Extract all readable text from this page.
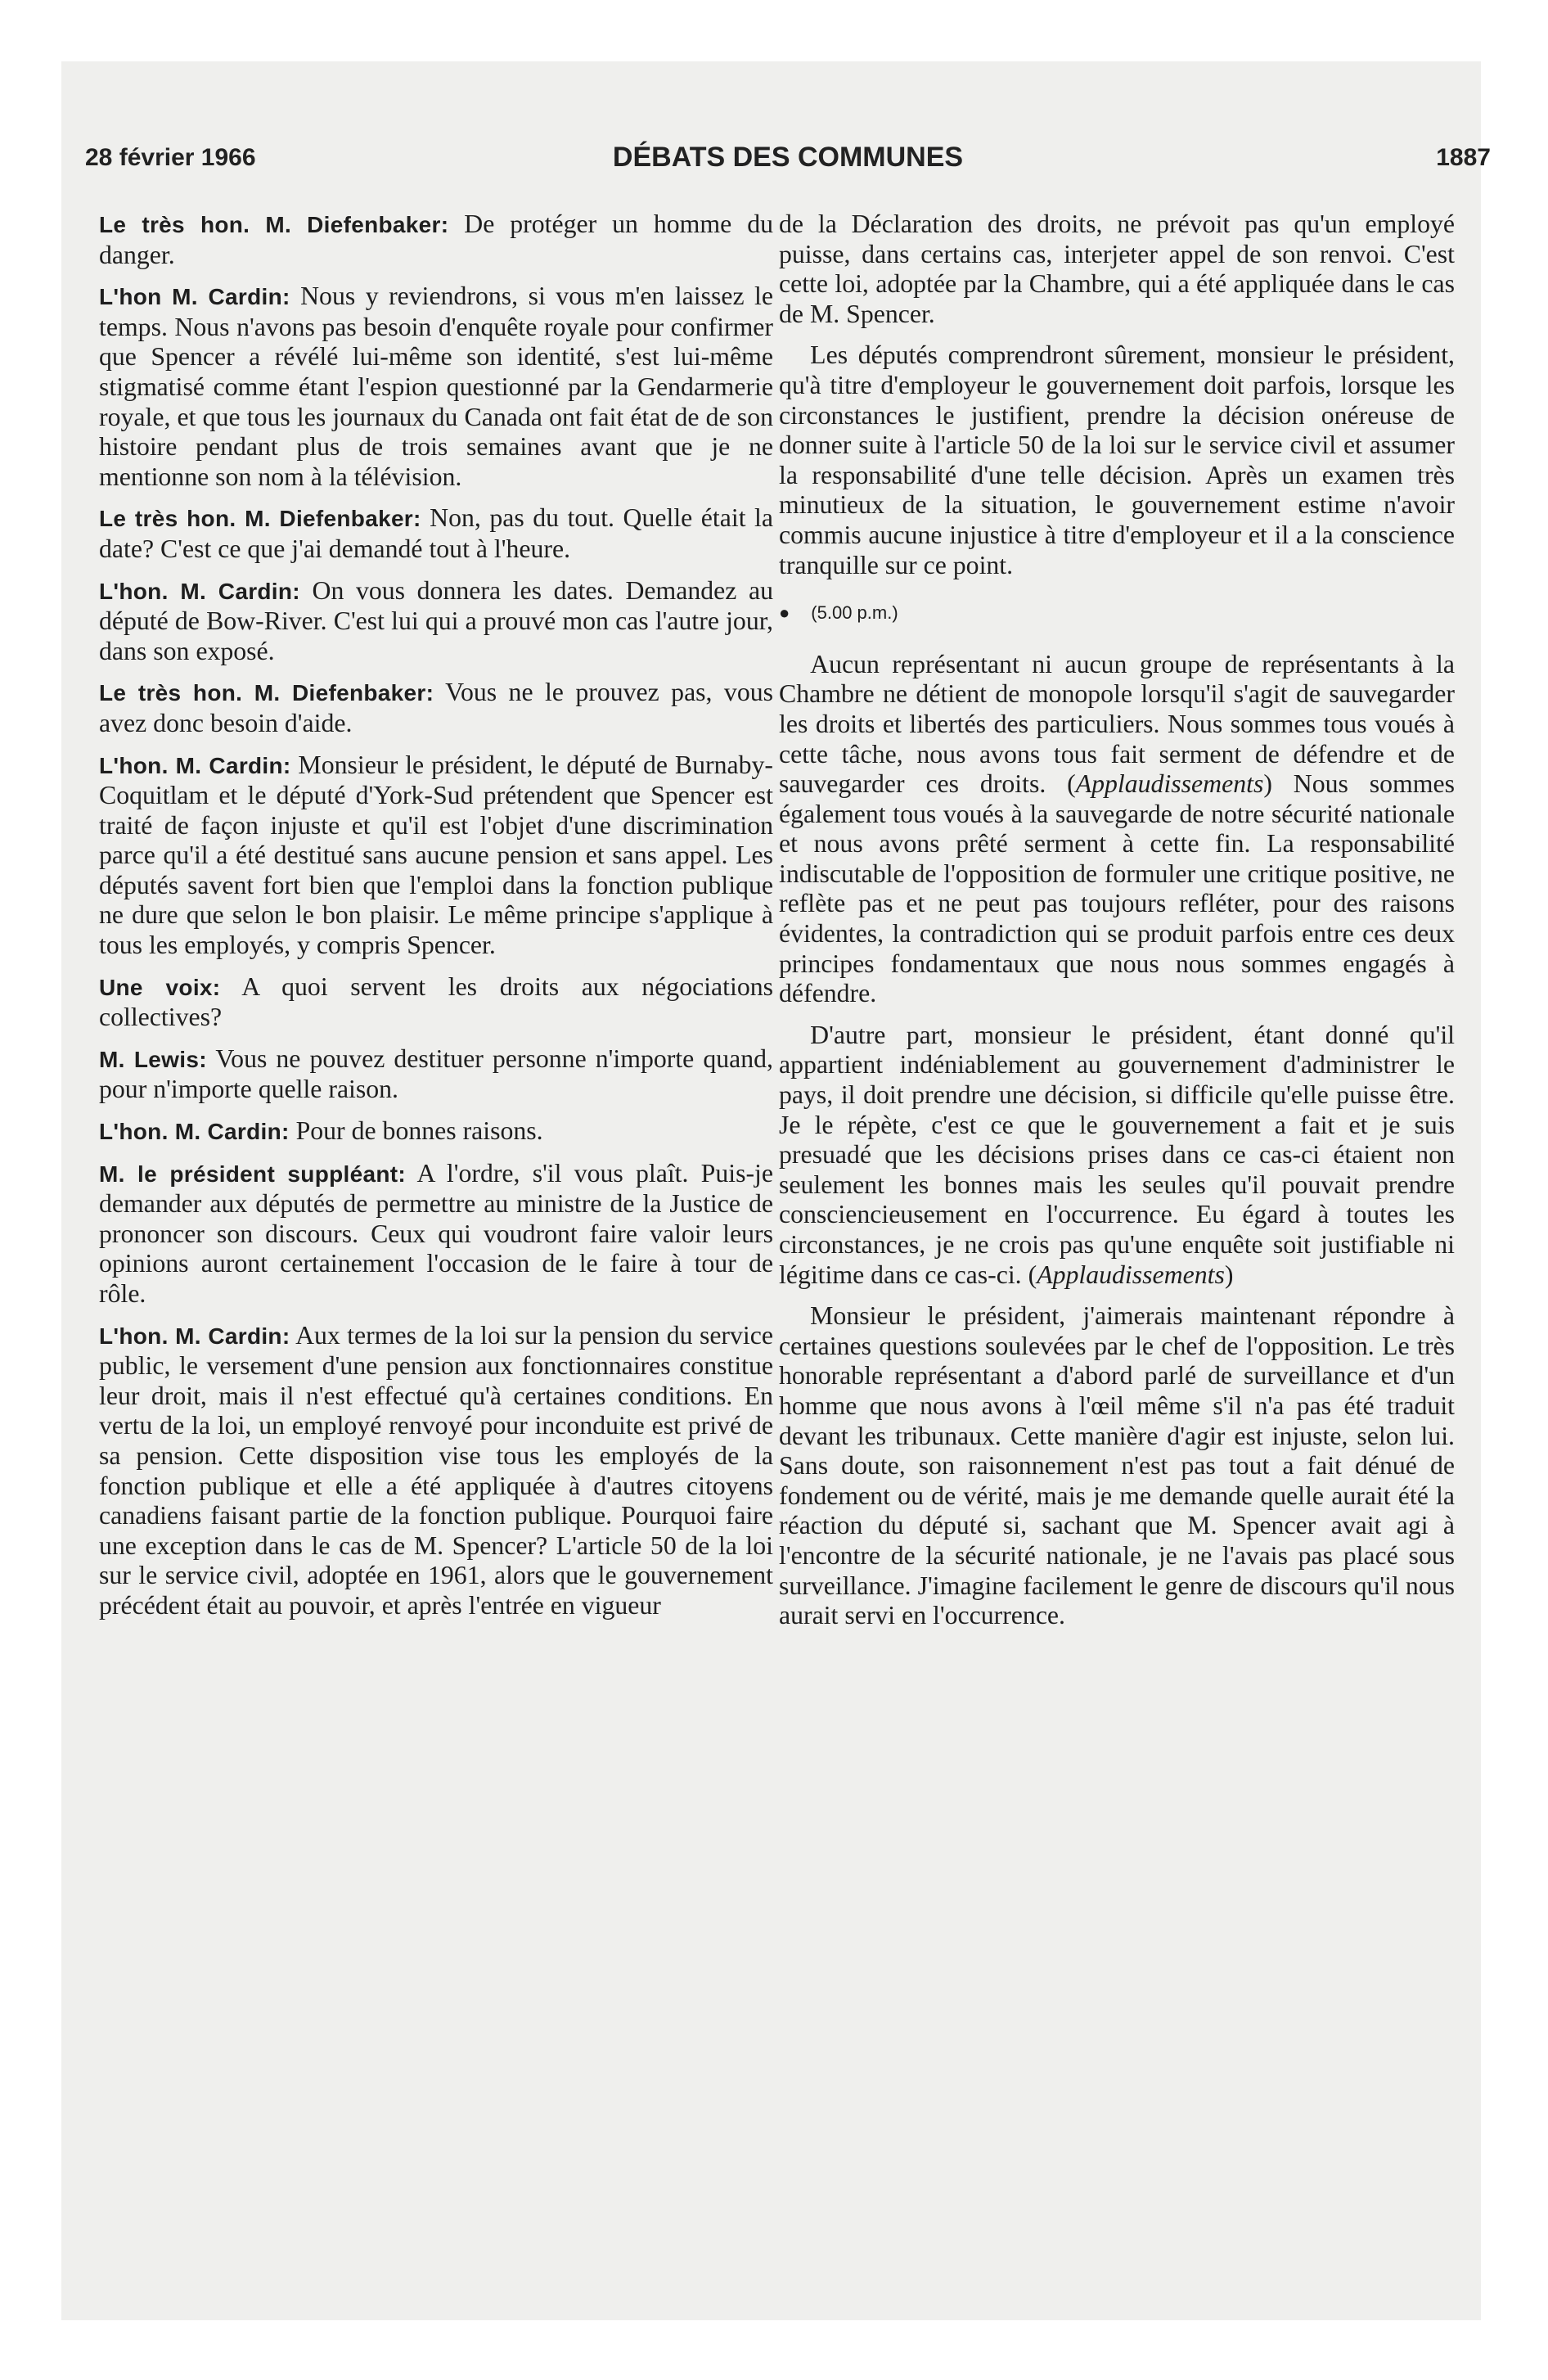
28 février 1966	DÉBATS DES COMMUNES	1887

Le très hon. M. Diefenbaker: De protéger un homme du danger.

L'hon M. Cardin: Nous y reviendrons, si vous m'en laissez le temps. Nous n'avons pas besoin d'enquête royale pour confirmer que Spencer a révélé lui-même son identité, s'est lui-même stigmatisé comme étant l'espion questionné par la Gendarmerie royale, et que tous les journaux du Canada ont fait état de de son histoire pendant plus de trois semaines avant que je ne mentionne son nom à la télévision.

Le très hon. M. Diefenbaker: Non, pas du tout. Quelle était la date? C'est ce que j'ai demandé tout à l'heure.

L'hon. M. Cardin: On vous donnera les dates. Demandez au député de Bow-River. C'est lui qui a prouvé mon cas l'autre jour, dans son exposé.

Le très hon. M. Diefenbaker: Vous ne le prouvez pas, vous avez donc besoin d'aide.

L'hon. M. Cardin: Monsieur le président, le député de Burnaby-Coquitlam et le député d'York-Sud prétendent que Spencer est traité de façon injuste et qu'il est l'objet d'une discrimination parce qu'il a été destitué sans aucune pension et sans appel. Les députés savent fort bien que l'emploi dans la fonction publique ne dure que selon le bon plaisir. Le même principe s'applique à tous les employés, y compris Spencer.

Une voix: A quoi servent les droits aux négociations collectives?

M. Lewis: Vous ne pouvez destituer personne n'importe quand, pour n'importe quelle raison.

L'hon. M. Cardin: Pour de bonnes raisons.

M. le président suppléant: A l'ordre, s'il vous plaît. Puis-je demander aux députés de permettre au ministre de la Justice de prononcer son discours. Ceux qui voudront faire valoir leurs opinions auront certainement l'occasion de le faire à tour de rôle.

L'hon. M. Cardin: Aux termes de la loi sur la pension du service public, le versement d'une pension aux fonctionnaires constitue leur droit, mais il n'est effectué qu'à certaines conditions. En vertu de la loi, un employé renvoyé pour inconduite est privé de sa pension. Cette disposition vise tous les employés de la fonction publique et elle a été appliquée à d'autres citoyens canadiens faisant partie de la fonction publique. Pourquoi faire une exception dans le cas de M. Spencer? L'article 50 de la loi sur le service civil, adoptée en 1961, alors que le gouvernement précédent était au pouvoir, et après l'entrée en vigueur

de la Déclaration des droits, ne prévoit pas qu'un employé puisse, dans certains cas, interjeter appel de son renvoi. C'est cette loi, adoptée par la Chambre, qui a été appliquée dans le cas de M. Spencer.

Les députés comprendront sûrement, monsieur le président, qu'à titre d'employeur le gouvernement doit parfois, lorsque les circonstances le justifient, prendre la décision onéreuse de donner suite à l'article 50 de la loi sur le service civil et assumer la responsabilité d'une telle décision. Après un examen très minutieux de la situation, le gouvernement estime n'avoir commis aucune injustice à titre d'employeur et il a la conscience tranquille sur ce point.

● (5.00 p.m.)

Aucun représentant ni aucun groupe de représentants à la Chambre ne détient de monopole lorsqu'il s'agit de sauvegarder les droits et libertés des particuliers. Nous sommes tous voués à cette tâche, nous avons tous fait serment de défendre et de sauvegarder ces droits. (Applaudissements) Nous sommes également tous voués à la sauvegarde de notre sécurité nationale et nous avons prêté serment à cette fin. La responsabilité indiscutable de l'opposition de formuler une critique positive, ne reflète pas et ne peut pas toujours refléter, pour des raisons évidentes, la contradiction qui se produit parfois entre ces deux principes fondamentaux que nous nous sommes engagés à défendre.

D'autre part, monsieur le président, étant donné qu'il appartient indéniablement au gouvernement d'administrer le pays, il doit prendre une décision, si difficile qu'elle puisse être. Je le répète, c'est ce que le gouvernement a fait et je suis presuadé que les décisions prises dans ce cas-ci étaient non seulement les bonnes mais les seules qu'il pouvait prendre consciencieusement en l'occurrence. Eu égard à toutes les circonstances, je ne crois pas qu'une enquête soit justifiable ni légitime dans ce cas-ci. (Applaudissements)

Monsieur le président, j'aimerais maintenant répondre à certaines questions soulevées par le chef de l'opposition. Le très honorable représentant a d'abord parlé de surveillance et d'un homme que nous avons à l'œil même s'il n'a pas été traduit devant les tribunaux. Cette manière d'agir est injuste, selon lui. Sans doute, son raisonnement n'est pas tout a fait dénué de fondement ou de vérité, mais je me demande quelle aurait été la réaction du député si, sachant que M. Spencer avait agi à l'encontre de la sécurité nationale, je ne l'avais pas placé sous surveillance. J'imagine facilement le genre de discours qu'il nous aurait servi en l'occurrence.
